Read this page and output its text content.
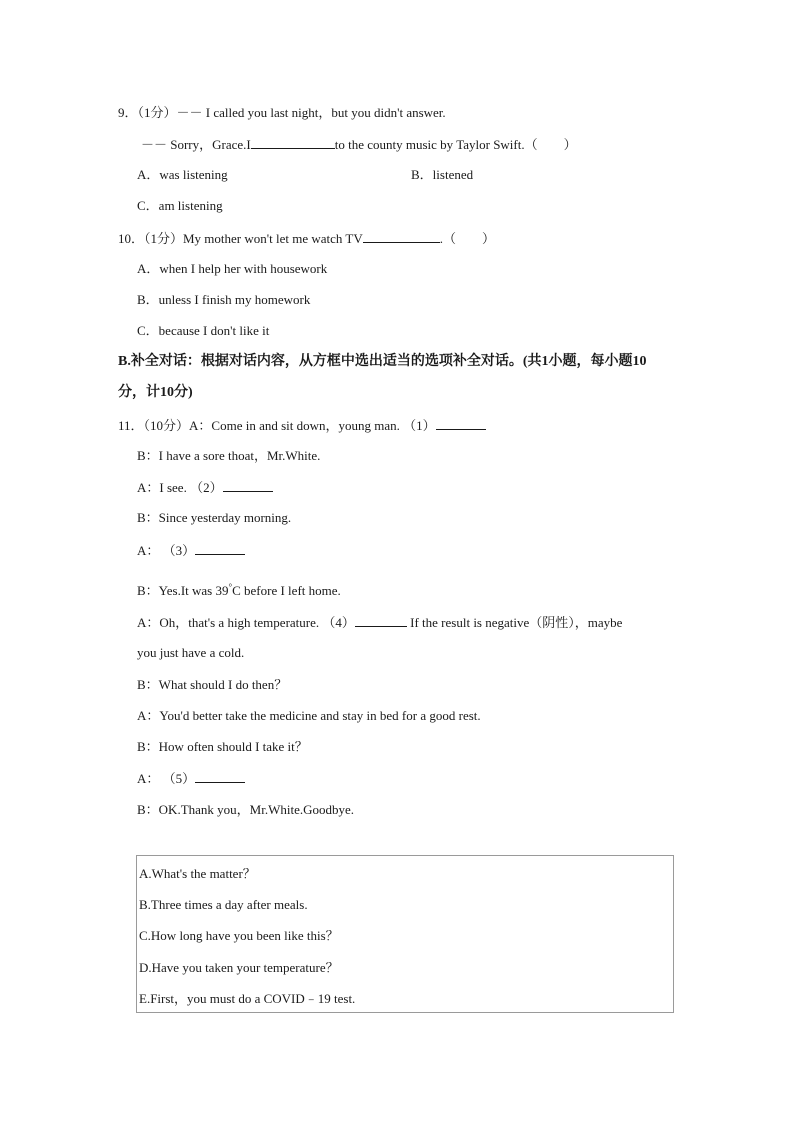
9．（1分）－－ I called you last night，but you didn't answer.
－－ Sorry，Grace.I	to the county music by Taylor Swift.（　　）
A．was listening	B．listened
C．am listening
10．（1分）My mother won't let me watch TV	.（　　）
A．when I help her with housework
B．unless I finish my homework
C．because I don't like it
B.补全对话：根据对话内容，从方框中选出适当的选项补全对话。(共1小题，每小题10
分，计10分)
11．（10分）A：Come in and sit down，young man. （1）
B：I have a sore thoat，Mr.White.
A：I see. （2）
B：Since yesterday morning.
A： （3）
B：Yes.It was 39°C before I left home.
A：Oh，that's a high temperature. （4）	If the result is negative（阴性），maybe
you just have a cold.
B：What should I do then？
A：You'd better take the medicine and stay in bed for a good rest.
B：How often should I take it？
A： （5）
B：OK.Thank you，Mr.White.Goodbye.
A.What's the matter？
B.Three times a day after meals.
C.How long have you been like this？
D.Have you taken your temperature？
E.First，you must do a COVID﹣19 test.
